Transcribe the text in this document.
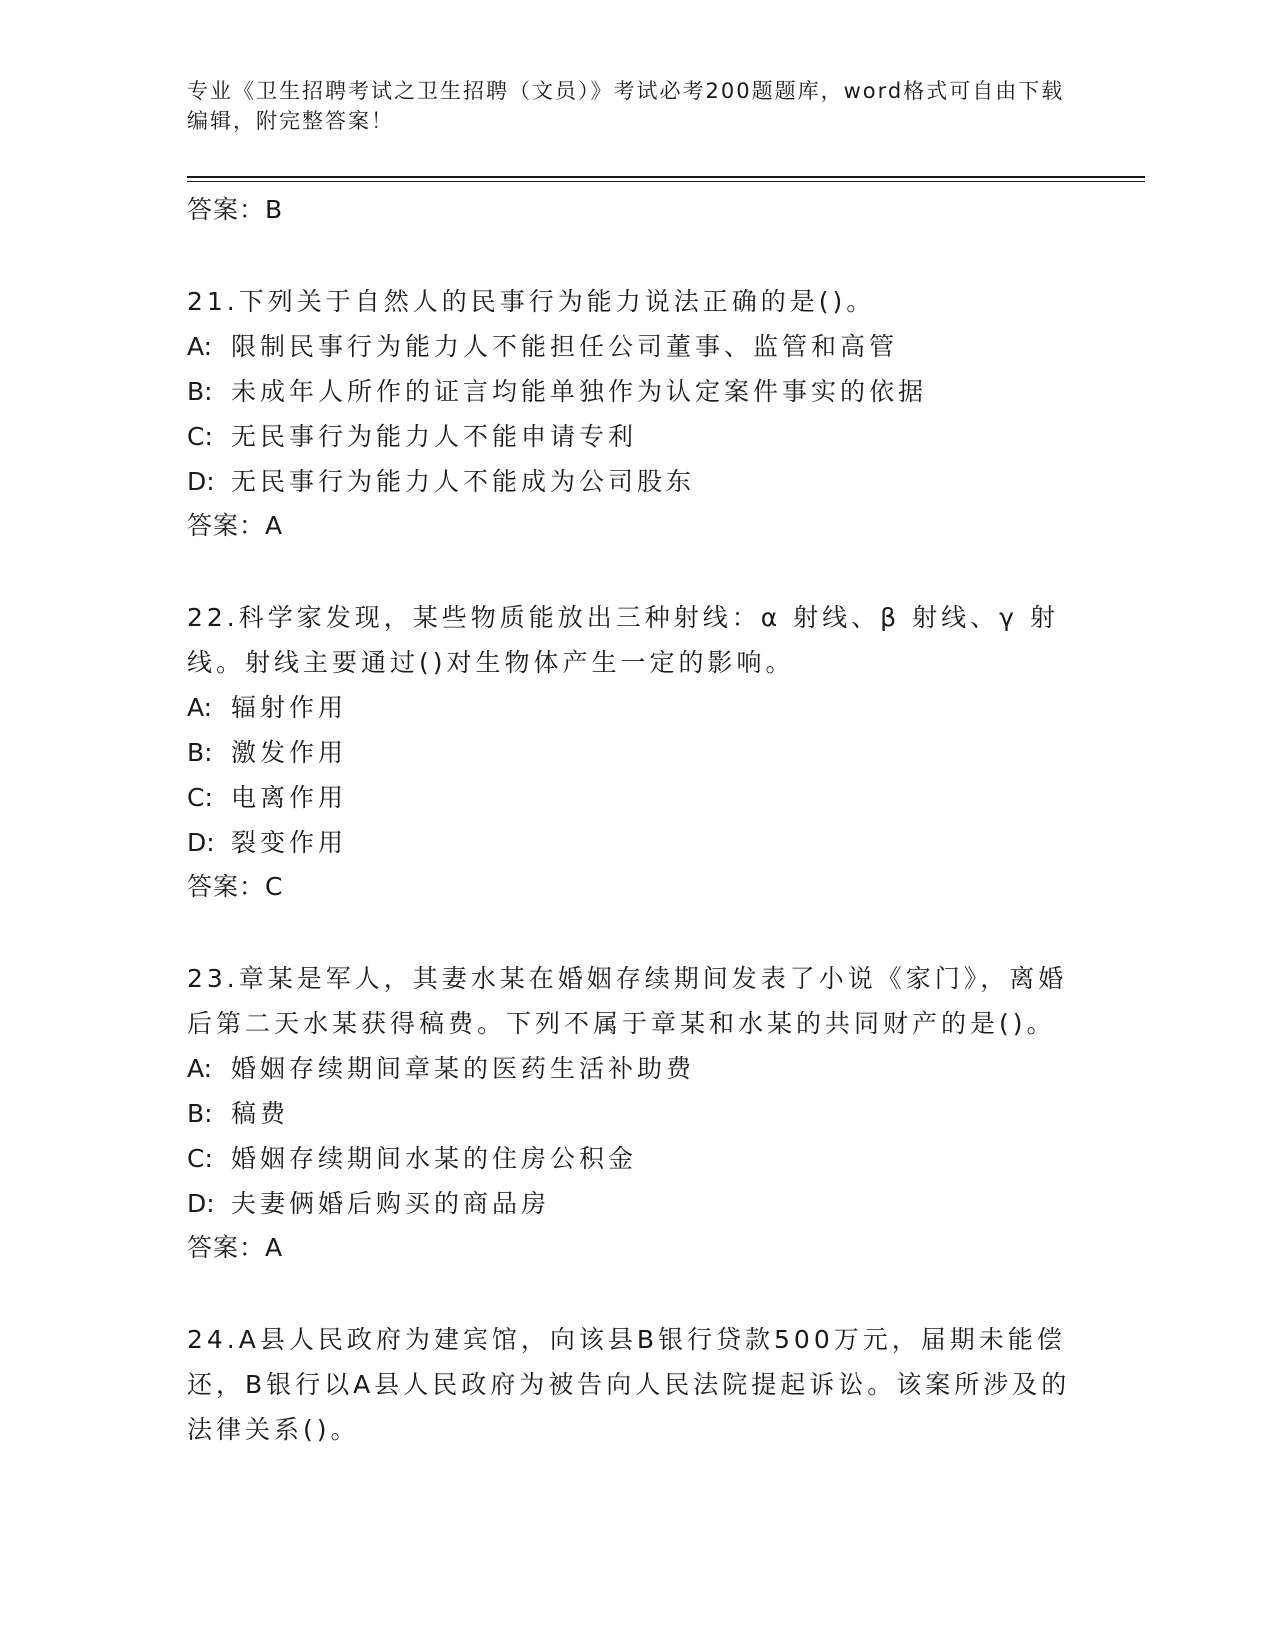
专业《卫生招聘考试之卫生招聘（文员）》考试必考200题题库，word格式可自由下载编辑，附完整答案！
答案：B
21.下列关于自然人的民事行为能力说法正确的是()。
A: 限制民事行为能力人不能担任公司董事、监管和高管
B: 未成年人所作的证言均能单独作为认定案件事实的依据
C: 无民事行为能力人不能申请专利
D: 无民事行为能力人不能成为公司股东
答案：A
22.科学家发现，某些物质能放出三种射线：α 射线、β 射线、γ 射线。射线主要通过()对生物体产生一定的影响。
A: 辐射作用
B: 激发作用
C: 电离作用
D: 裂变作用
答案：C
23.章某是军人，其妻水某在婚姻存续期间发表了小说《家门》，离婚后第二天水某获得稿费。下列不属于章某和水某的共同财产的是()。
A: 婚姻存续期间章某的医药生活补助费
B: 稿费
C: 婚姻存续期间水某的住房公积金
D: 夫妻俩婚后购买的商品房
答案：A
24.A县人民政府为建宾馆，向该县B银行贷款500万元，届期未能偿还，B银行以A县人民政府为被告向人民法院提起诉讼。该案所涉及的法律关系()。
